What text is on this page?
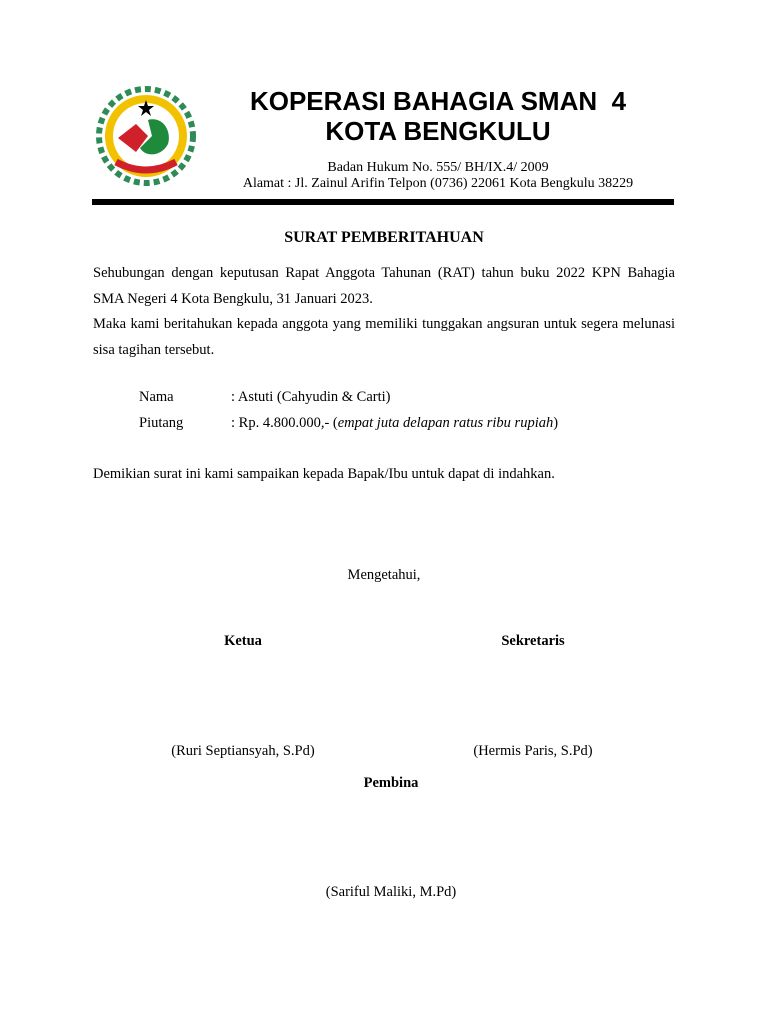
KOPERASI BAHAGIA SMAN  4
KOTA BENGKULU
Badan Hukum No. 555/ BH/IX.4/ 2009
Alamat : Jl. Zainul Arifin Telpon (0736) 22061 Kota Bengkulu 38229
SURAT PEMBERITAHUAN
Sehubungan dengan keputusan Rapat Anggota Tahunan (RAT) tahun buku 2022 KPN Bahagia SMA Negeri 4 Kota Bengkulu, 31 Januari 2023.
Maka kami beritahukan kepada anggota yang memiliki tunggakan angsuran untuk segera melunasi sisa tagihan tersebut.
Nama	: Astuti (Cahyudin & Carti)
Piutang	: Rp. 4.800.000,- (empat juta delapan ratus ribu rupiah)
Demikian surat ini kami sampaikan kepada Bapak/Ibu untuk dapat di indahkan.
Mengetahui,
Ketua	Sekretaris
(Ruri Septiansyah, S.Pd)	(Hermis Paris, S.Pd)
Pembina
(Sariful Maliki, M.Pd)
